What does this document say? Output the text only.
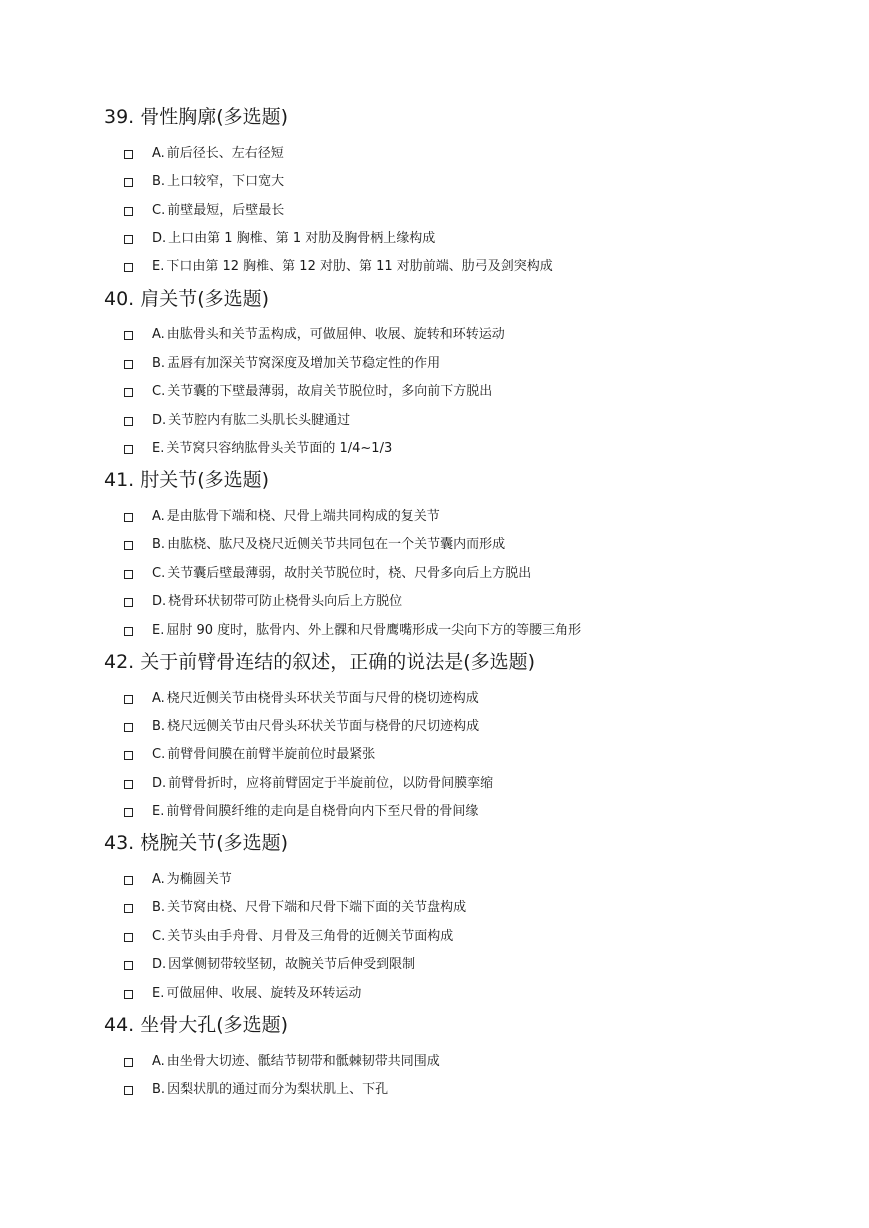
39. 骨性胸廓(多选题)
A. 前后径长、左右径短
B. 上口较窄，下口宽大
C. 前壁最短，后壁最长
D. 上口由第 1 胸椎、第 1 对肋及胸骨柄上缘构成
E. 下口由第 12 胸椎、第 12 对肋、第 11 对肋前端、肋弓及剑突构成
40. 肩关节(多选题)
A. 由肱骨头和关节盂构成，可做屈伸、收展、旋转和环转运动
B. 盂唇有加深关节窝深度及增加关节稳定性的作用
C. 关节囊的下壁最薄弱，故肩关节脱位时，多向前下方脱出
D. 关节腔内有肱二头肌长头腱通过
E. 关节窝只容纳肱骨头关节面的 1/4~1/3
41. 肘关节(多选题)
A. 是由肱骨下端和桡、尺骨上端共同构成的复关节
B. 由肱桡、肱尺及桡尺近侧关节共同包在一个关节囊内而形成
C. 关节囊后壁最薄弱，故肘关节脱位时，桡、尺骨多向后上方脱出
D. 桡骨环状韧带可防止桡骨头向后上方脱位
E. 屈肘 90 度时，肱骨内、外上髁和尺骨鹰嘴形成一尖向下方的等腰三角形
42. 关于前臂骨连结的叙述，正确的说法是(多选题)
A. 桡尺近侧关节由桡骨头环状关节面与尺骨的桡切迹构成
B. 桡尺远侧关节由尺骨头环状关节面与桡骨的尺切迹构成
C. 前臂骨间膜在前臂半旋前位时最紧张
D. 前臂骨折时，应将前臂固定于半旋前位，以防骨间膜挛缩
E. 前臂骨间膜纤维的走向是自桡骨向内下至尺骨的骨间缘
43. 桡腕关节(多选题)
A. 为椭圆关节
B. 关节窝由桡、尺骨下端和尺骨下端下面的关节盘构成
C. 关节头由手舟骨、月骨及三角骨的近侧关节面构成
D. 因掌侧韧带较坚韧，故腕关节后伸受到限制
E. 可做屈伸、收展、旋转及环转运动
44. 坐骨大孔(多选题)
A. 由坐骨大切迹、骶结节韧带和骶棘韧带共同围成
B. 因梨状肌的通过而分为梨状肌上、下孔
